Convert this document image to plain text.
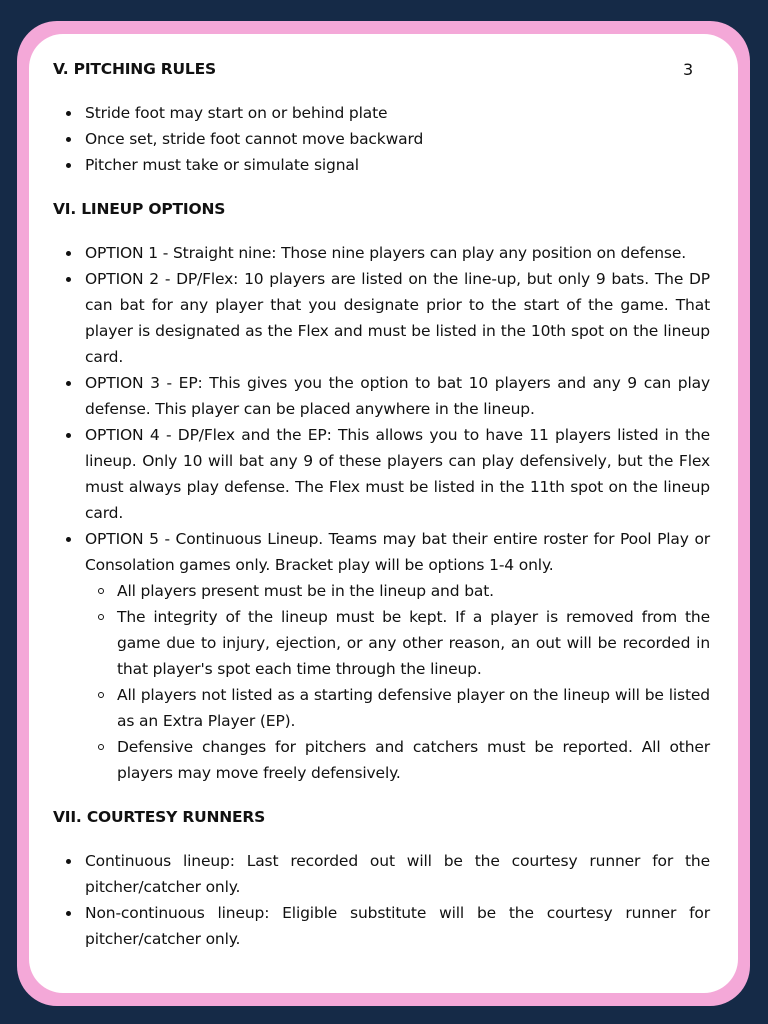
3
V. PITCHING RULES
Stride foot may start on or behind plate
Once set, stride foot cannot move backward
Pitcher must take or simulate signal
VI. LINEUP OPTIONS
OPTION 1 - Straight nine: Those nine players can play any position on defense.
OPTION 2 - DP/Flex: 10 players are listed on the line-up, but only 9 bats. The DP can bat for any player that you designate prior to the start of the game. That player is designated as the Flex and must be listed in the 10th spot on the lineup card.
OPTION 3 - EP: This gives you the option to bat 10 players and any 9 can play defense. This player can be placed anywhere in the lineup.
OPTION 4 - DP/Flex and the EP: This allows you to have 11 players listed in the lineup. Only 10 will bat any 9 of these players can play defensively, but the Flex must always play defense. The Flex must be listed in the 11th spot on the lineup card.
OPTION 5 - Continuous Lineup. Teams may bat their entire roster for Pool Play or Consolation games only. Bracket play will be options 1-4 only.
All players present must be in the lineup and bat.
The integrity of the lineup must be kept. If a player is removed from the game due to injury, ejection, or any other reason, an out will be recorded in that player's spot each time through the lineup.
All players not listed as a starting defensive player on the lineup will be listed as an Extra Player (EP).
Defensive changes for pitchers and catchers must be reported. All other players may move freely defensively.
VII. COURTESY RUNNERS
Continuous lineup: Last recorded out will be the courtesy runner for the pitcher/catcher only.
Non-continuous lineup: Eligible substitute will be the courtesy runner for pitcher/catcher only.
